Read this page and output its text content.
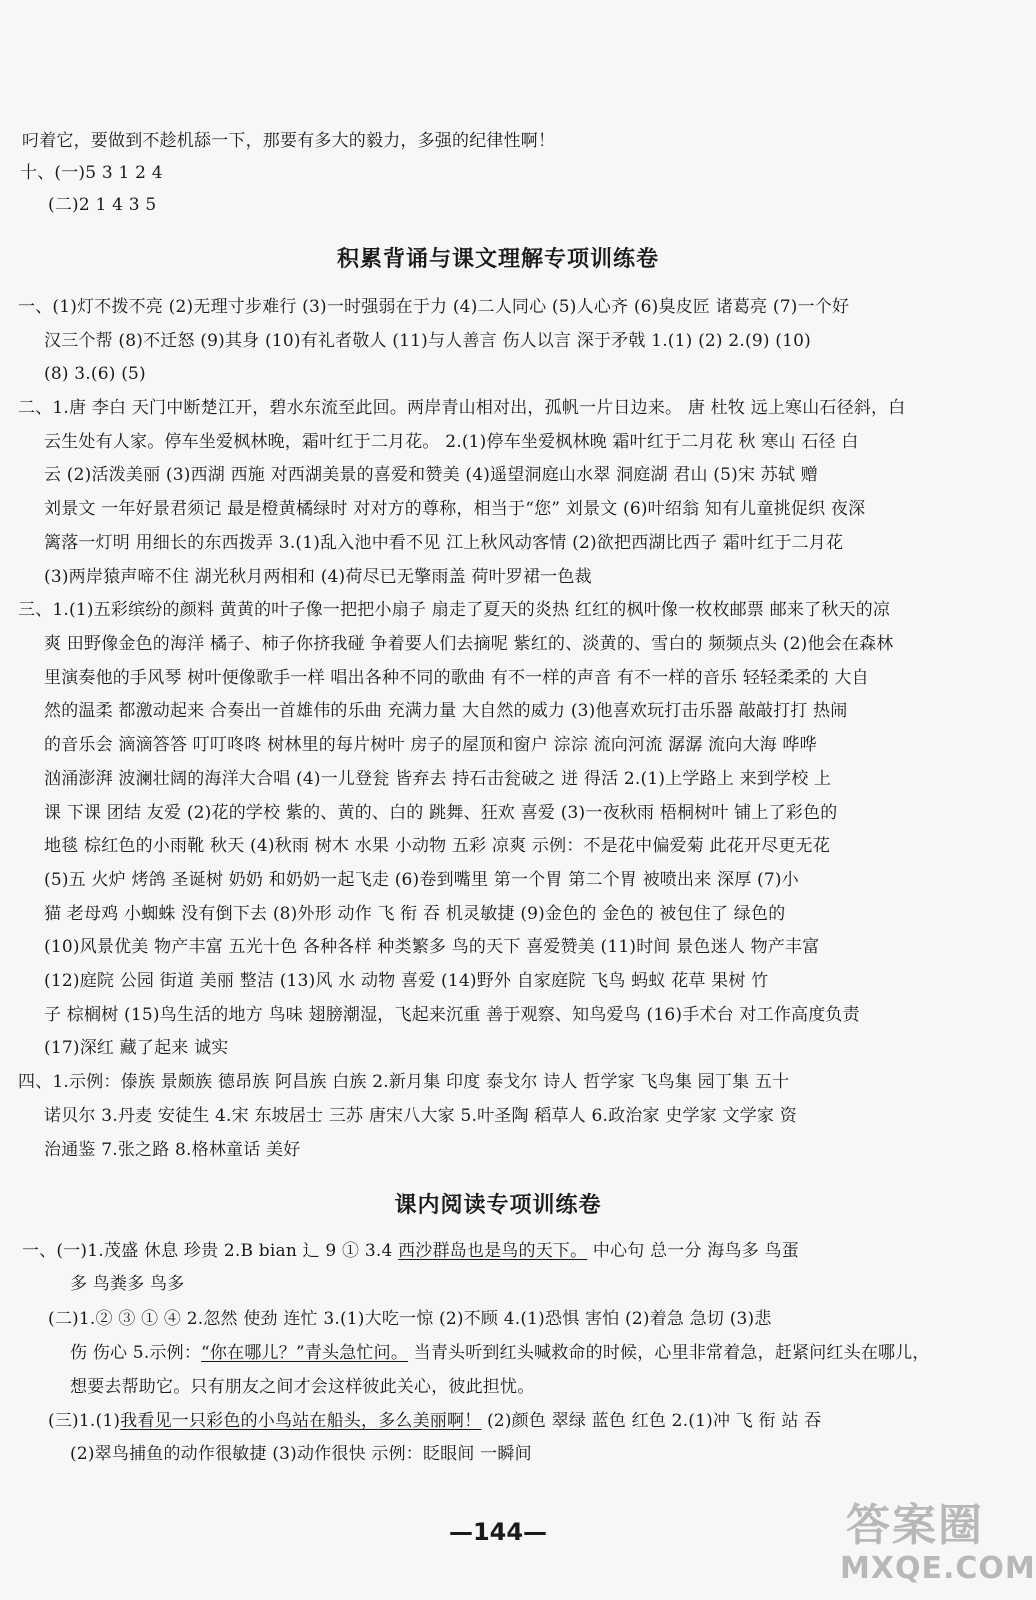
叼着它，要做到不趁机舔一下，那要有多大的毅力，多强的纪律性啊！
十、(一)5 3 1 2 4
(二)2 1 4 3 5
积累背诵与课文理解专项训练卷
一、(1)灯不拨不亮 (2)无理寸步难行 (3)一时强弱在于力 (4)二人同心 (5)人心齐 (6)臭皮匠 诸葛亮 (7)一个好
汉三个帮 (8)不迁怒 (9)其身 (10)有礼者敬人 (11)与人善言 伤人以言 深于矛戟 1.(1) (2) 2.(9) (10)
(8) 3.(6) (5)
二、1.唐 李白 天门中断楚江开，碧水东流至此回。两岸青山相对出，孤帆一片日边来。 唐 杜牧 远上寒山石径斜，白
云生处有人家。停车坐爱枫林晚，霜叶红于二月花。 2.(1)停车坐爱枫林晚 霜叶红于二月花 秋 寒山 石径 白
云 (2)活泼美丽 (3)西湖 西施 对西湖美景的喜爱和赞美 (4)遥望洞庭山水翠 洞庭湖 君山 (5)宋 苏轼 赠
刘景文 一年好景君须记 最是橙黄橘绿时 对对方的尊称，相当于“您” 刘景文 (6)叶绍翁 知有儿童挑促织 夜深
篱落一灯明 用细长的东西拨弄 3.(1)乱入池中看不见 江上秋风动客情 (2)欲把西湖比西子 霜叶红于二月花
(3)两岸猿声啼不住 湖光秋月两相和 (4)荷尽已无擎雨盖 荷叶罗裙一色裁
三、1.(1)五彩缤纷的颜料 黄黄的叶子像一把把小扇子 扇走了夏天的炎热 红红的枫叶像一枚枚邮票 邮来了秋天的凉
爽 田野像金色的海洋 橘子、柿子你挤我碰 争着要人们去摘呢 紫红的、淡黄的、雪白的 频频点头 (2)他会在森林
里演奏他的手风琴 树叶便像歌手一样 唱出各种不同的歌曲 有不一样的声音 有不一样的音乐 轻轻柔柔的 大自
然的温柔 都激动起来 合奏出一首雄伟的乐曲 充满力量 大自然的威力 (3)他喜欢玩打击乐器 敲敲打打 热闹
的音乐会 滴滴答答 叮叮咚咚 树林里的每片树叶 房子的屋顶和窗户 淙淙 流向河流 潺潺 流向大海 哗哗
汹涌澎湃 波澜壮阔的海洋大合唱 (4)一儿登瓮 皆弃去 持石击瓮破之 迸 得活 2.(1)上学路上 来到学校 上
课 下课 团结 友爱 (2)花的学校 紫的、黄的、白的 跳舞、狂欢 喜爱 (3)一夜秋雨 梧桐树叶 铺上了彩色的
地毯 棕红色的小雨靴 秋天 (4)秋雨 树木 水果 小动物 五彩 凉爽 示例：不是花中偏爱菊 此花开尽更无花
(5)五 火炉 烤鸽 圣诞树 奶奶 和奶奶一起飞走 (6)卷到嘴里 第一个胃 第二个胃 被喷出来 深厚 (7)小
猫 老母鸡 小蜘蛛 没有倒下去 (8)外形 动作 飞 衔 吞 机灵敏捷 (9)金色的 金色的 被包住了 绿色的
(10)风景优美 物产丰富 五光十色 各种各样 种类繁多 鸟的天下 喜爱赞美 (11)时间 景色迷人 物产丰富
(12)庭院 公园 街道 美丽 整洁 (13)风 水 动物 喜爱 (14)野外 自家庭院 飞鸟 蚂蚁 花草 果树 竹
子 棕榈树 (15)鸟生活的地方 鸟味 翅膀潮湿，飞起来沉重 善于观察、知鸟爱鸟 (16)手术台 对工作高度负责
(17)深红 藏了起来 诚实
四、1.示例：傣族 景颇族 德昂族 阿昌族 白族 2.新月集 印度 泰戈尔 诗人 哲学家 飞鸟集 园丁集 五十
诺贝尔 3.丹麦 安徒生 4.宋 东坡居士 三苏 唐宋八大家 5.叶圣陶 稻草人 6.政治家 史学家 文学家 资
治通鉴 7.张之路 8.格林童话 美好
课内阅读专项训练卷
一、(一)1.茂盛 休息 珍贵 2.B bian 辶 9 ① 3.4 西沙群岛也是鸟的天下。 中心句 总一分 海鸟多 鸟蛋
多 鸟粪多 鸟多
(二)1.② ③ ① ④ 2.忽然 使劲 连忙 3.(1)大吃一惊 (2)不顾 4.(1)恐惧 害怕 (2)着急 急切 (3)悲
伤 伤心 5.示例：“你在哪儿？”青头急忙问。 当青头听到红头喊救命的时候，心里非常着急，赶紧问红头在哪儿，
想要去帮助它。只有朋友之间才会这样彼此关心，彼此担忧。
(三)1.(1)我看见一只彩色的小鸟站在船头，多么美丽啊！ (2)颜色 翠绿 蓝色 红色 2.(1)冲 飞 衔 站 吞
(2)翠鸟捕鱼的动作很敏捷 (3)动作很快 示例：眨眼间 一瞬间
—144—	答案圈
MXQE.COM
